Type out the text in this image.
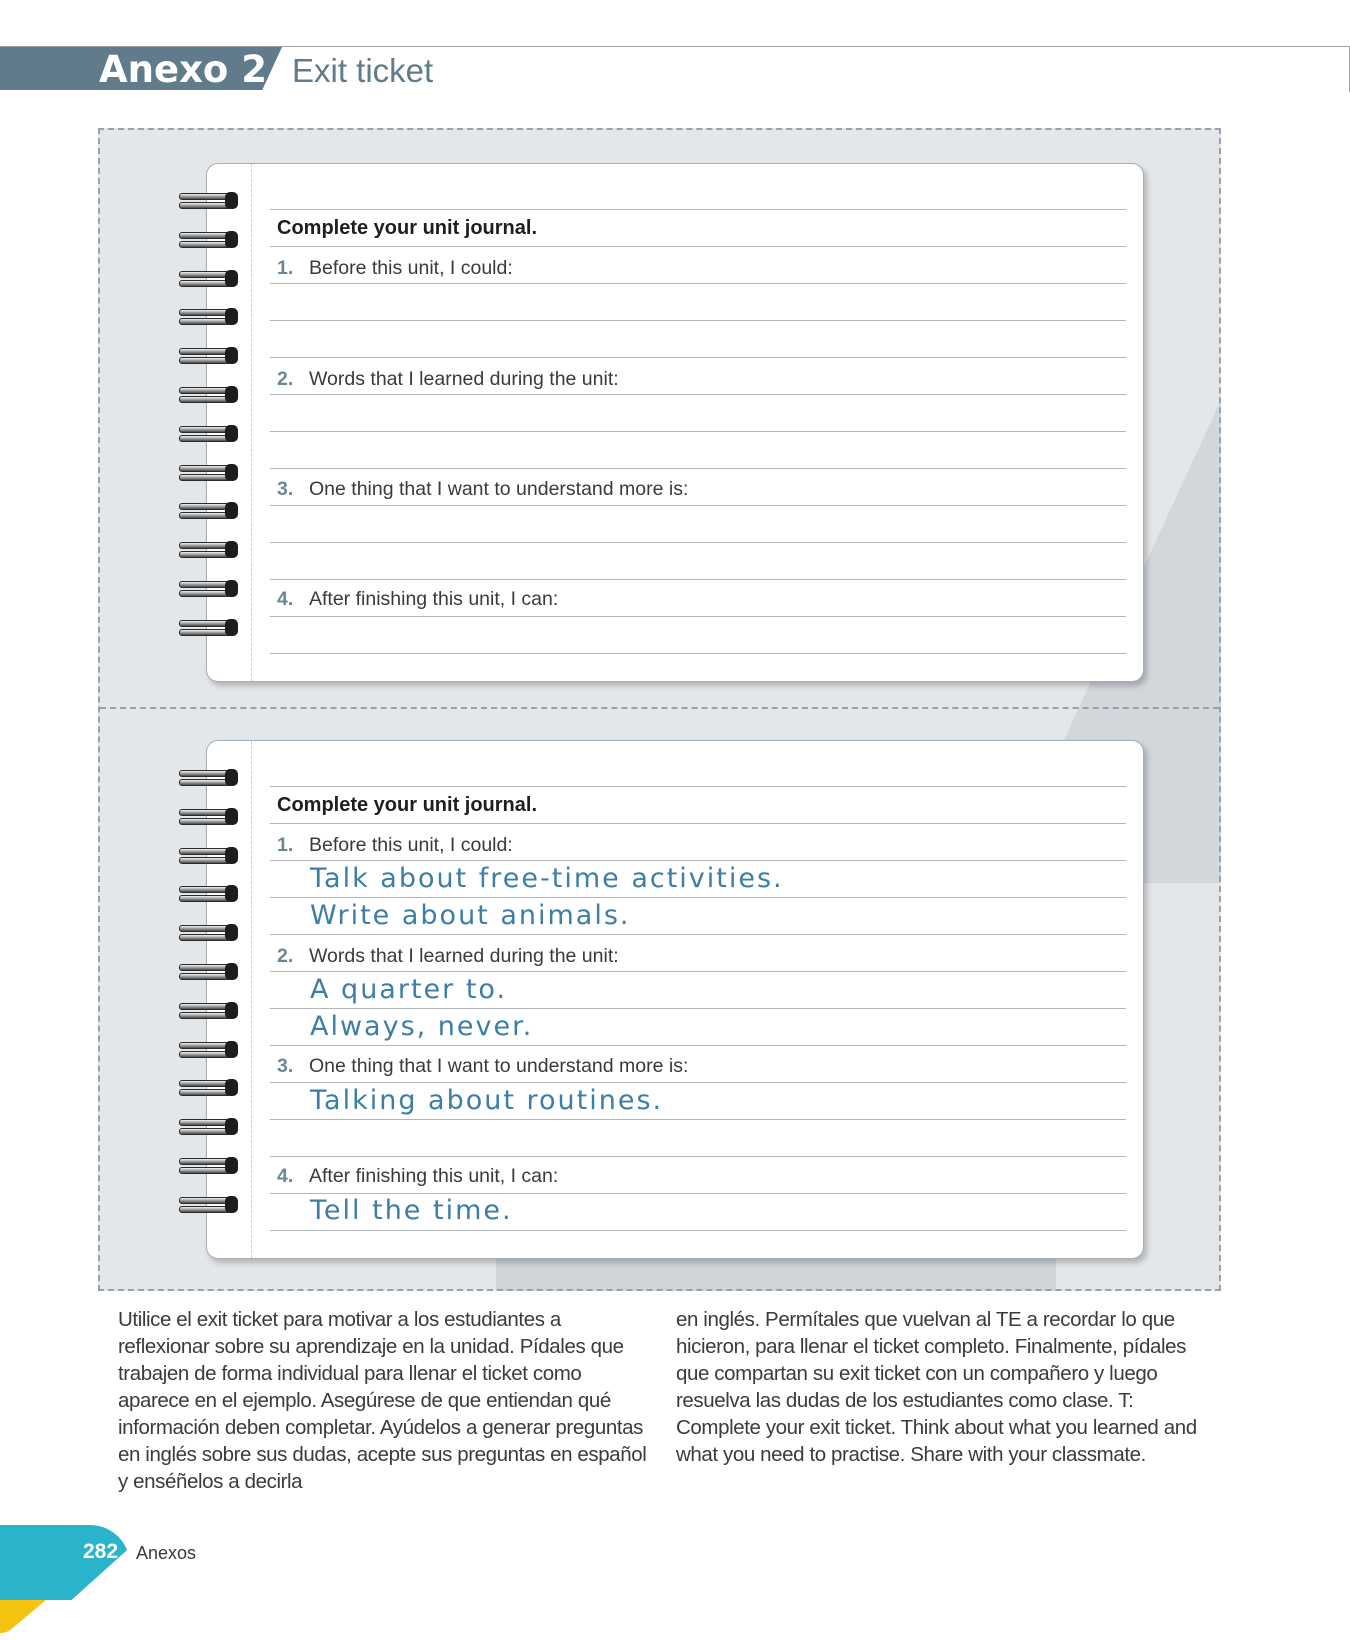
Anexo 2 Exit ticket
Complete your unit journal.
1. Before this unit, I could:
2. Words that I learned during the unit:
3. One thing that I want to understand more is:
4. After finishing this unit, I can:
Complete your unit journal.
1. Before this unit, I could:
Talk about free-time activities.
Write about animals.
2. Words that I learned during the unit:
A quarter to.
Always, never.
3. One thing that I want to understand more is:
Talking about routines.
4. After finishing this unit, I can:
Tell the time.
Utilice el exit ticket para motivar a los estudiantes a reflexionar sobre su aprendizaje en la unidad. Pídales que trabajen de forma individual para llenar el ticket como aparece en el ejemplo. Asegúrese de que entiendan qué información deben completar. Ayúdelos a generar preguntas en inglés sobre sus dudas, acepte sus preguntas en español y enséñelos a decirla
en inglés. Permítales que vuelvan al TE a recordar lo que hicieron, para llenar el ticket completo. Finalmente, pídales que compartan su exit ticket con un compañero y luego resuelva las dudas de los estudiantes como clase. T: Complete your exit ticket. Think about what you learned and what you need to practise. Share with your classmate.
282 Anexos
